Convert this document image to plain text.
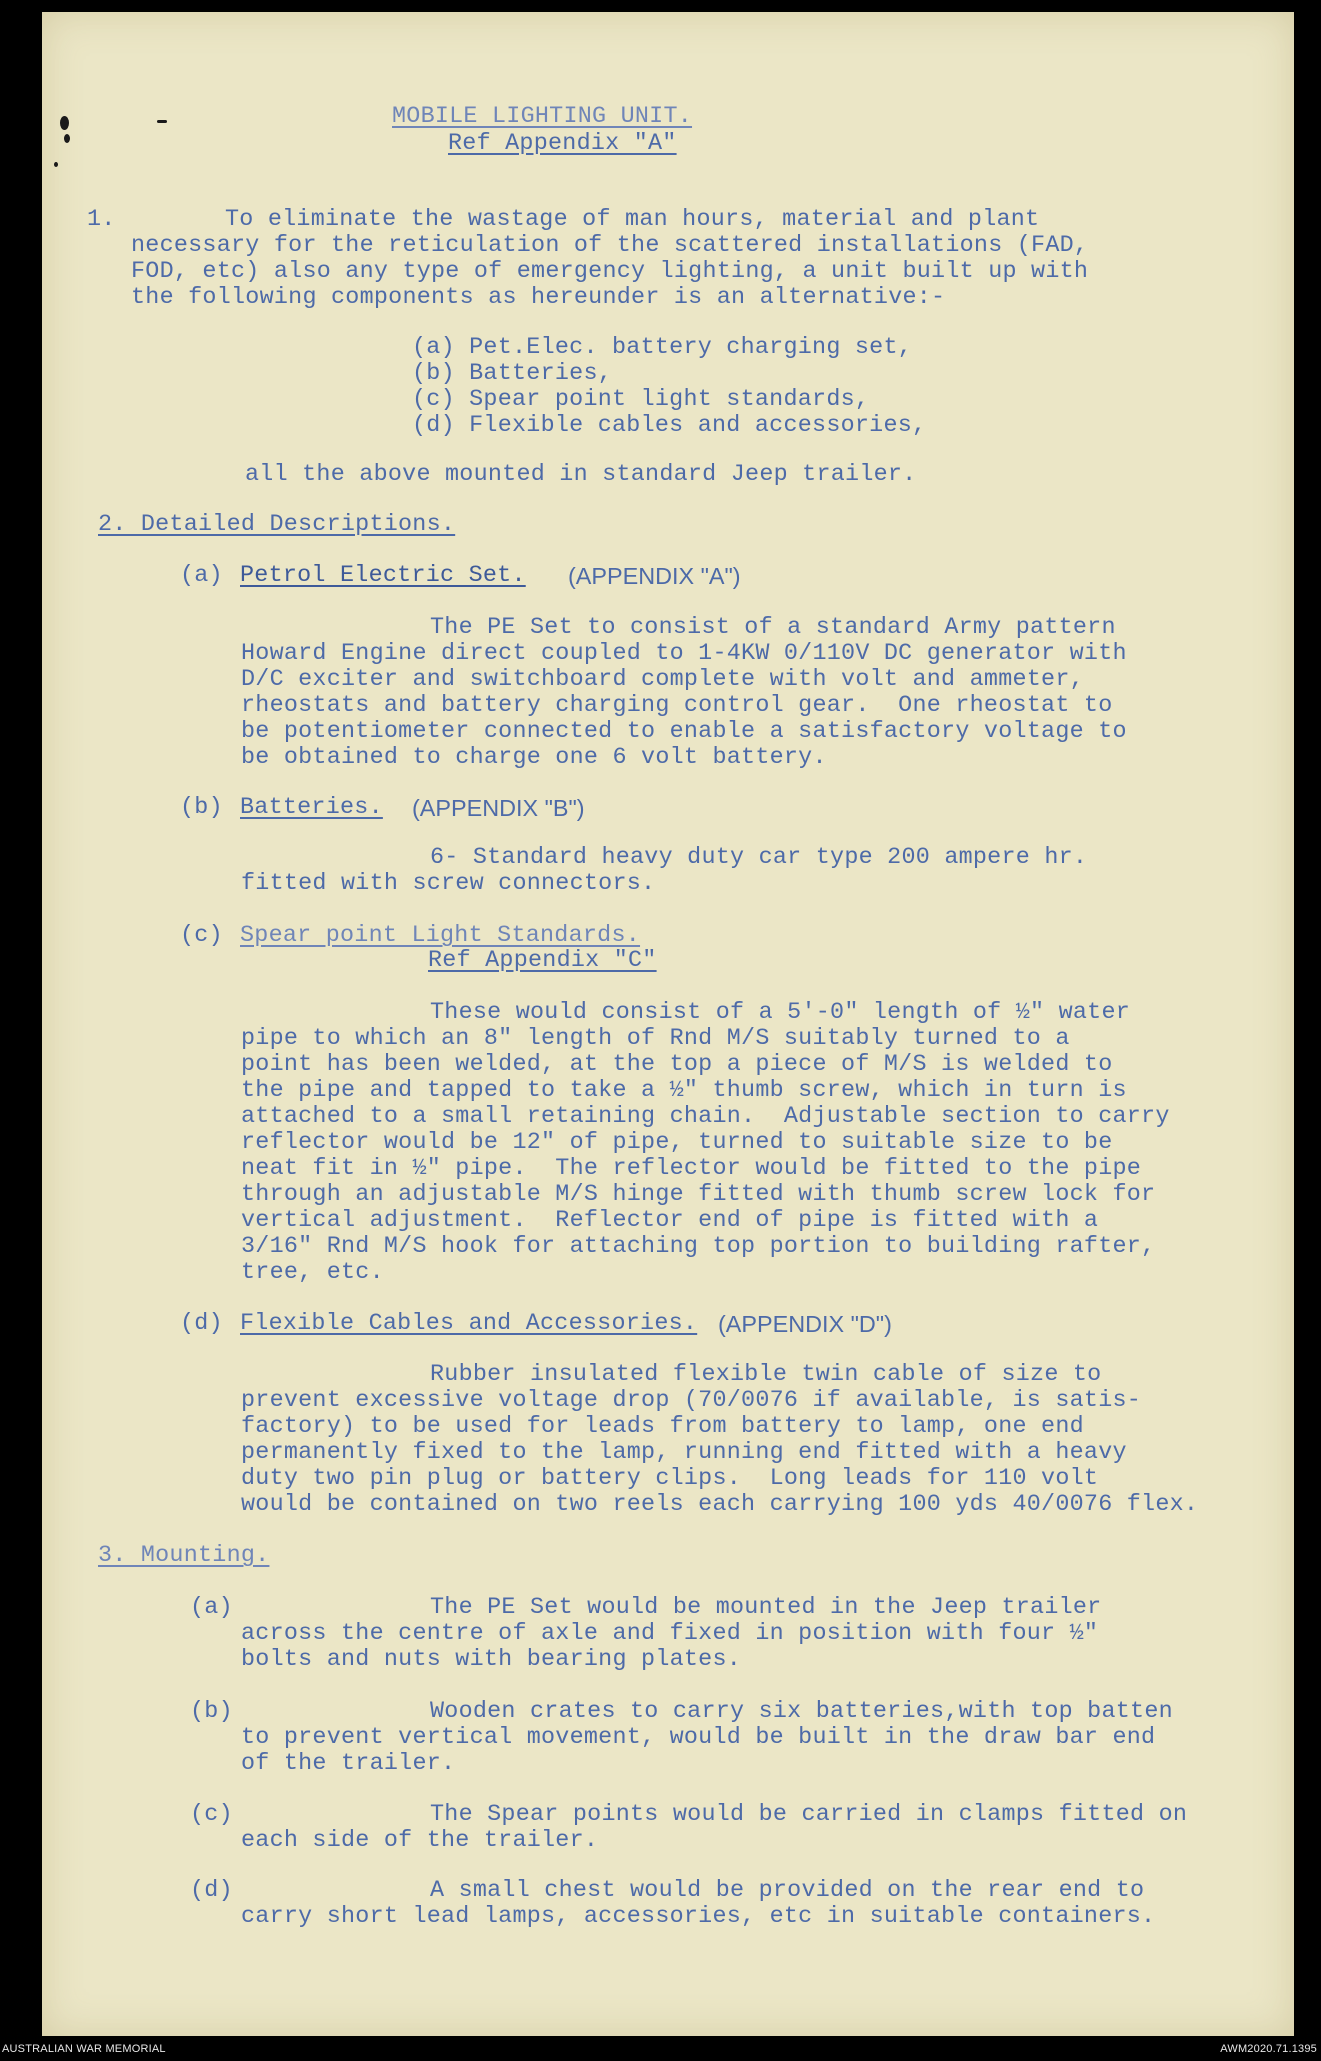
MOBILE LIGHTING UNIT.
Ref Appendix "A"
1.	To eliminate the wastage of man hours, material and plant
necessary for the reticulation of the scattered installations (FAD,
FOD, etc) also any type of emergency lighting, a unit built up with
the following components as hereunder is an alternative:-
(a) Pet.Elec. battery charging set,
(b) Batteries,
(c) Spear point light standards,
(d) Flexible cables and accessories,
all the above mounted in standard Jeep trailer.
2. Detailed Descriptions.
(a) Petrol Electric Set. (APPENDIX "A")
The PE Set to consist of a standard Army pattern
Howard Engine direct coupled to 1-4KW 0/110V DC generator with
D/C exciter and switchboard complete with volt and ammeter,
rheostats and battery charging control gear.  One rheostat to
be potentiometer connected to enable a satisfactory voltage to
be obtained to charge one 6 volt battery.
(b) Batteries. (APPENDIX "B")
6- Standard heavy duty car type 200 ampere hr.
fitted with screw connectors.
(c) Spear point Light Standards.
Ref Appendix "C"
These would consist of a 5'-0" length of ½" water
pipe to which an 8" length of Rnd M/S suitably turned to a
point has been welded, at the top a piece of M/S is welded to
the pipe and tapped to take a ½" thumb screw, which in turn is
attached to a small retaining chain.  Adjustable section to carry
reflector would be 12" of pipe, turned to suitable size to be
neat fit in ½" pipe.  The reflector would be fitted to the pipe
through an adjustable M/S hinge fitted with thumb screw lock for
vertical adjustment.  Reflector end of pipe is fitted with a
3/16" Rnd M/S hook for attaching top portion to building rafter,
tree, etc.
(d) Flexible Cables and Accessories. (APPENDIX "D")
Rubber insulated flexible twin cable of size to
prevent excessive voltage drop (70/0076 if available, is satis-
factory) to be used for leads from battery to lamp, one end
permanently fixed to the lamp, running end fitted with a heavy
duty two pin plug or battery clips.  Long leads for 110 volt
would be contained on two reels each carrying 100 yds 40/0076 flex.
3. Mounting.
(a)	The PE Set would be mounted in the Jeep trailer
across the centre of axle and fixed in position with four ½"
bolts and nuts with bearing plates.
(b)	Wooden crates to carry six batteries,with top batten
to prevent vertical movement, would be built in the draw bar end
of the trailer.
(c)	The Spear points would be carried in clamps fitted on
each side of the trailer.
(d)	A small chest would be provided on the rear end to
carry short lead lamps, accessories, etc in suitable containers.
AUSTRALIAN WAR MEMORIAL	AWM2020.71.1395
